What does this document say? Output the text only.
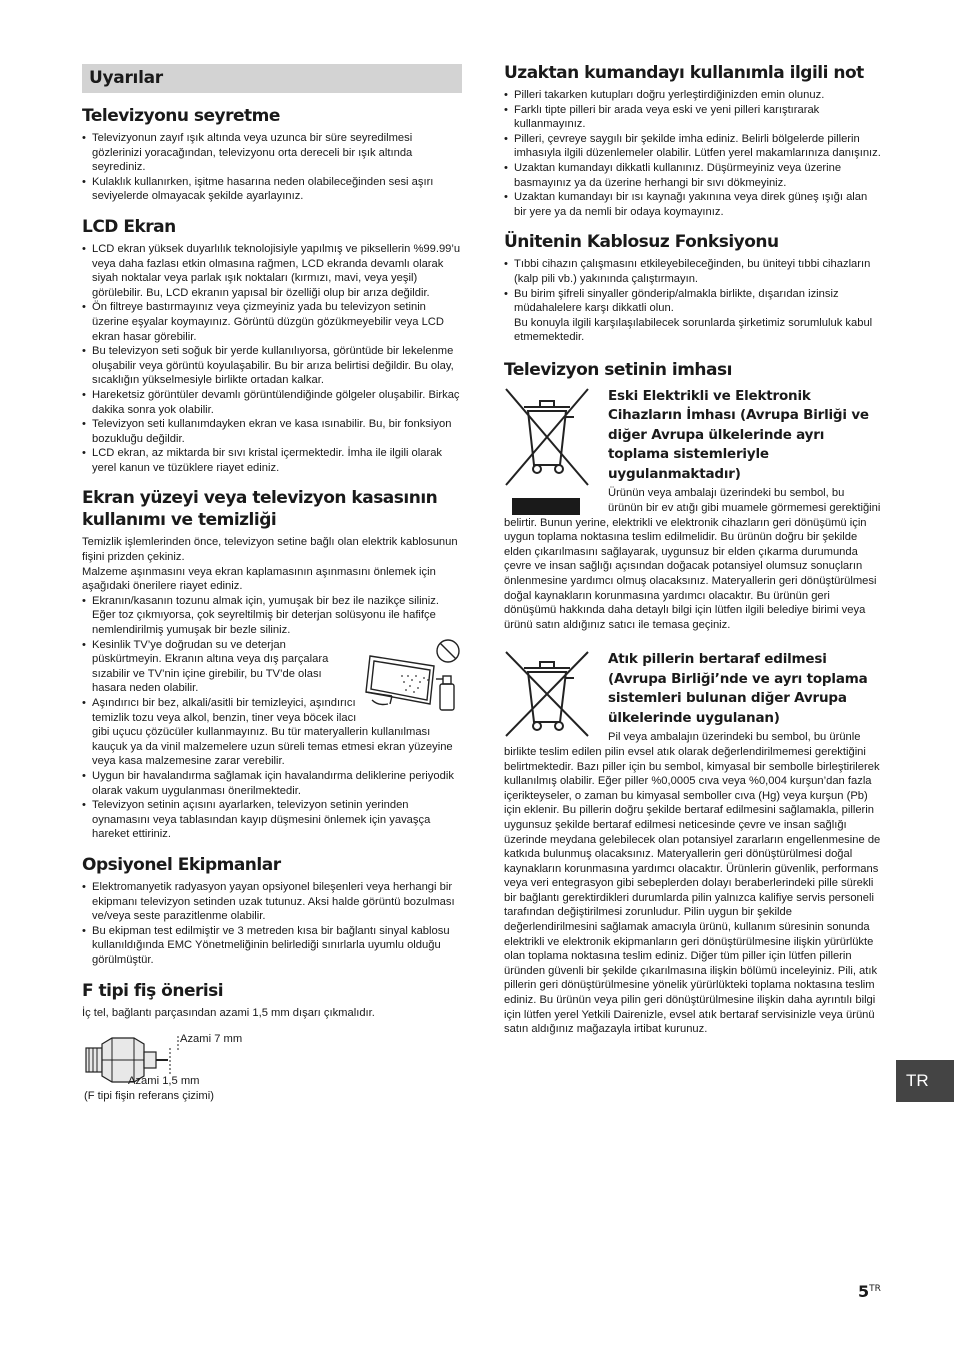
Uyarılar
Televizyonu seyretme
• Televizyonun zayıf ışık altında veya uzunca bir süre seyredilmesi gözlerinizi yoracağından, televizyonu orta dereceli bir ışık altında seyrediniz.
• Kulaklık kullanırken, işitme hasarına neden olabileceğinden sesi aşırı seviyelerde olmayacak şekilde ayarlayınız.
LCD Ekran
• LCD ekran yüksek duyarlılık teknolojisiyle yapılmış ve piksellerin %99.99’u veya daha fazlası etkin olmasına rağmen, LCD ekranda devamlı olarak siyah noktalar veya parlak ışık noktaları (kırmızı, mavi, veya yeşil) görülebilir. Bu, LCD ekranın yapısal bir özelliği olup bir arıza değildir.
• Ön filtreye bastırmayınız veya çizmeyiniz yada bu televizyon setinin üzerine eşyalar koymayınız. Görüntü düzgün gözükmeyebilir veya LCD ekran hasar görebilir.
• Bu televizyon seti soğuk bir yerde kullanılıyorsa, görüntüde bir lekelenme oluşabilir veya görüntü koyulaşabilir. Bu bir arıza belirtisi değildir. Bu olay, sıcaklığın yükselmesiyle birlikte ortadan kalkar.
• Hareketsiz görüntüler devamlı görüntülendiğinde gölgeler oluşabilir. Birkaç dakika sonra yok olabilir.
• Televizyon seti kullanımdayken ekran ve kasa ısınabilir. Bu, bir fonksiyon bozukluğu değildir.
• LCD ekran, az miktarda bir sıvı kristal içermektedir. İmha ile ilgili olarak yerel kanun ve tüzüklere riayet ediniz.
Ekran yüzeyi veya televizyon kasasının kullanımı ve temizliği

Temizlik işlemlerinden önce, televizyon setine bağlı olan elektrik kablosunun fişini prizden çekiniz.
Malzeme aşınmasını veya ekran kaplamasının aşınmasını önlemek için aşağıdaki önerilere riayet ediniz.

• Ekranın/kasanın tozunu almak için, yumuşak bir bez ile nazikçe siliniz. Eğer toz çıkmıyorsa, çok seyreltilmiş bir deterjan solüsyonu ile hafifçe nemlendirilmiş yumuşak bir bezle siliniz.
• Kesinlik TV’ye doğrudan su ve deterjan püskürtmeyin. Ekranın altına veya dış parçalara sızabilir ve TV’nin içine girebilir, bu TV’de olası hasara neden olabilir.
• Aşındırıcı bir bez, alkali/asitli bir temizleyici, aşındırıcı temizlik tozu veya alkol, benzin, tiner veya böcek ilacı gibi uçucu çözücüler kullanmayınız. Bu tür materyallerin kullanılması kauçuk ya da vinil malzemelere uzun süreli temas etmesi ekran yüzeyine veya kasa malzemesine zarar verebilir.
• Uygun bir havalandırma sağlamak için havalandırma deliklerine periyodik olarak vakum uygulanması önerilmektedir.
• Televizyon setinin açısını ayarlarken, televizyon setinin yerinden oynamasını veya tablasından kayıp düşmesini önlemek için yavaşça hareket ettiriniz.
Opsiyonel Ekipmanlar
• Elektromanyetik radyasyon yayan opsiyonel bileşenleri veya herhangi bir ekipmanı televizyon setinden uzak tutunuz. Aksi halde görüntü bozulması ve/veya seste parazitlenme olabilir.
• Bu ekipman test edilmiştir ve 3 metreden kısa bir bağlantı sinyal kablosu kullanıldığında EMC Yönetmeliğinin belirlediği sınırlarla uyumlu olduğu görülmüştür.
F tipi fiş önerisi

İç tel, bağlantı parçasından azami 1,5 mm dışarı çıkmalıdır.

Azami 7 mm
Azami 1,5 mm
(F tipi fişin referans çizimi)
Uzaktan kumandayı kullanımla ilgili not
• Pilleri takarken kutupları doğru yerleştirdiğinizden emin olunuz.
• Farklı tipte pilleri bir arada veya eski ve yeni pilleri karıştırarak kullanmayınız.
• Pilleri, çevreye saygılı bir şekilde imha ediniz. Belirli bölgelerde pillerin imhasıyla ilgili düzenlemeler olabilir. Lütfen yerel makamlarınıza danışınız.
• Uzaktan kumandayı dikkatli kullanınız. Düşürmeyiniz veya üzerine basmayınız ya da üzerine herhangi bir sıvı dökmeyiniz.
• Uzaktan kumandayı bir ısı kaynağı yakınına veya direk güneş ışığı alan bir yere ya da nemli bir odaya koymayınız.
Ünitenin Kablosuz Fonksiyonu
• Tıbbi cihazın çalışmasını etkileyebileceğinden, bu üniteyi tıbbi cihazların (kalp pili vb.) yakınında çalıştırmayın.
• Bu birim şifreli sinyaller gönderip/almakla birlikte, dışarıdan izinsiz müdahalelere karşı dikkatli olun.
Bu konuyla ilgili karşılaşılabilecek sorunlarda şirketimiz sorumluluk kabul etmemektedir.
Televizyon setinin imhası

Eski Elektrikli ve Elektronik Cihazların İmhası (Avrupa Birliği ve diğer Avrupa ülkelerinde ayrı toplama sistemleriyle uygulanmaktadır)

Ürünün veya ambalajı üzerindeki bu sembol, bu ürünün bir ev atığı gibi muamele görmemesi gerektiğini belirtir. Bunun yerine, elektrikli ve elektronik cihazların geri dönüşümü için uygun toplama noktasına teslim edilmelidir. Bu ürünün doğru bir şekilde elden çıkarılmasını sağlayarak, uygunsuz bir elden çıkarma durumunda çevre ve insan sağlığı açısından doğacak potansiyel olumsuz sonuçların önlenmesine yardımcı olmuş olacaksınız. Materyallerin geri dönüştürülmesi doğal kaynakların korunmasına yardımcı olacaktır. Bu ürünün geri dönüşümü hakkında daha detaylı bilgi için lütfen ilgili belediye birimi veya ürünü satın aldığınız satıcı ile temasa geçiniz.

Atık pillerin bertaraf edilmesi (Avrupa Birliği’nde ve ayrı toplama sistemleri bulunan diğer Avrupa ülkelerinde uygulanan)

Pil veya ambalajın üzerindeki bu sembol, bu ürünle birlikte teslim edilen pilin evsel atık olarak değerlendirilmemesi gerektiğini belirtmektedir. Bazı piller için bu sembol, kimyasal bir sembolle birleştirilerek kullanılmış olabilir. Eğer piller %0,0005 cıva veya %0,004 kurşun’dan fazla içerikteyseler, o zaman bu kimyasal semboller cıva (Hg) veya kurşun (Pb) için eklenir. Bu pillerin doğru şekilde bertaraf edilmesini sağlamakla, pillerin uygunsuz şekilde bertaraf edilmesi neticesinde çevre ve insan sağlığı üzerinde meydana gelebilecek olan potansiyel zararların engellenmesine de katkıda bulunmuş olacaksınız. Materyallerin geri dönüştürülmesi doğal kaynakların korunmasına yardımcı olacaktır. Ürünlerin güvenlik, performans veya veri entegrasyon gibi sebeplerden dolayı beraberlerindeki pille sürekli bir bağlantı gerektirdikleri durumlarda pilin yalnızca kalifiye servis personeli tarafından değiştirilmesi zorunludur. Pilin uygun bir şekilde değerlendirilmesini sağlamak amacıyla ürünü, kullanım süresinin sonunda elektrikli ve elektronik ekipmanların geri dönüştürülmesine ilişkin yürürlükte olan toplama noktasına teslim ediniz. Diğer tüm piller için lütfen pillerin üründen güvenli bir şekilde çıkarılmasına ilişkin bölümü inceleyiniz. Pili, atık pillerin geri dönüştürülmesine yönelik yürürlükteki toplama noktasına teslim ediniz. Bu ürünün veya pilin geri dönüştürülmesine ilişkin daha ayrıntılı bilgi için lütfen yerel Yetkili Dairenizle, evsel atık bertaraf servisinizle veya ürünü satın aldığınız mağazayla irtibat kurunuz.

TR
$5^{TR}$
